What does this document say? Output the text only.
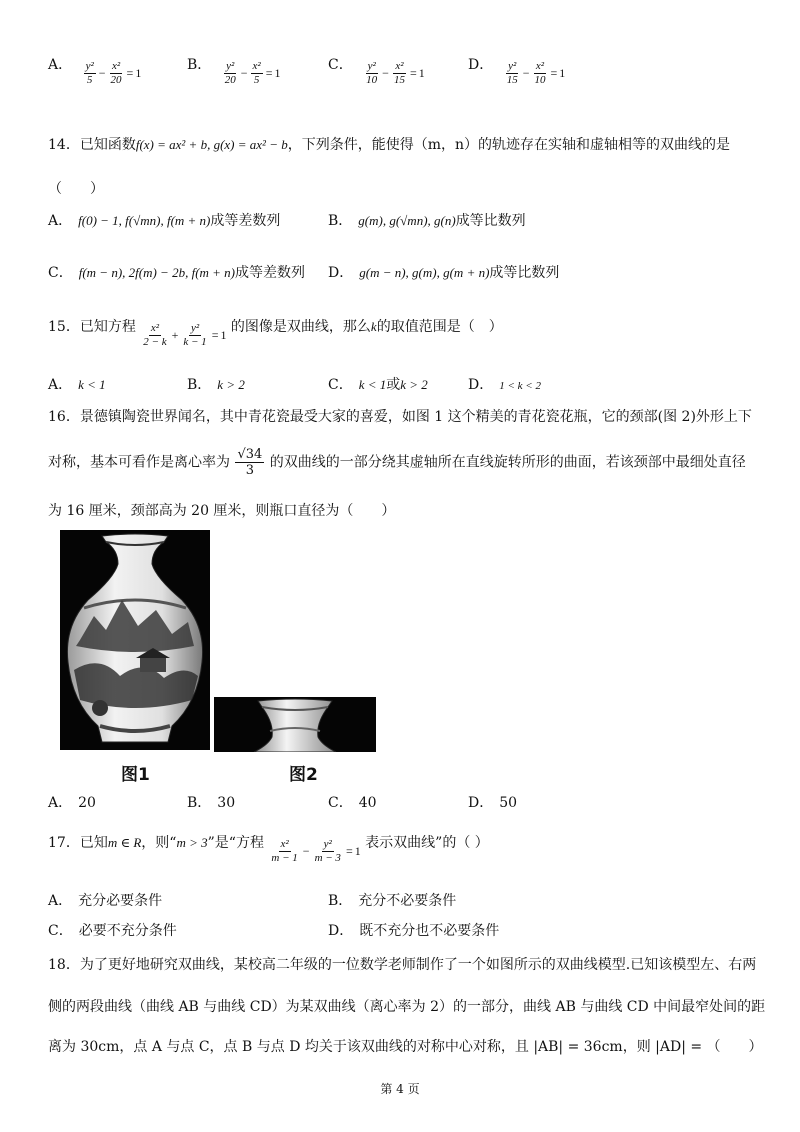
A． $\frac{\text{y²}}{5} - \frac{\text{x²}}{20} = 1$	B． $\frac{\text{y²}}{20} - \frac{\text{x²}}{5} = 1$	C． $\frac{\text{y²}}{10} - \frac{\text{x²}}{15} = 1$	D． $\frac{\text{y²}}{15} - \frac{\text{x²}}{10} = 1$
14．已知函数f(x) = ax² + b, g(x) = ax² − b，下列条件，能使得（m，n）的轨迹存在实轴和虚轴相等的双曲线的是
（　　）
A． f(0) − 1, f(√mn), f(m + n)成等差数列	B． g(m), g(√mn), g(n)成等比数列
C． f(m − n), 2f(m) − 2b, f(m + n)成等差数列 D． g(m − n), g(m), g(m + n)成等比数列
15．已知方程 $\frac{\text{x²}}{2 - k} + \frac{\text{y²}}{k - 1} = 1$ 的图像是双曲线，那么k的取值范围是（　）
A． k < 1	B． k > 2	C． k < 1或k > 2	D． 1 < k < 2
16．景德镇陶瓷世界闻名，其中青花瓷最受大家的喜爱，如图 1 这个精美的青花瓷花瓶，它的颈部(图 2)外形上下
对称，基本可看作是离心率为 $\frac{√34}{3}$ 的双曲线的一部分绕其虚轴所在直线旋转所形的曲面，若该颈部中最细处直径
为 16 厘米，颈部高为 20 厘米，则瓶口直径为（　　）
图1	图2
A． 20	B． 30	C． 40	D． 50
17．已知m ∈ R，则“m > 3”是“方程 $\frac{\text{x²}}{m - 1} - \frac{\text{y²}}{m - 3} = 1$ 表示双曲线”的（ ）
A． 充分必要条件	B． 充分不必要条件
C． 必要不充分条件	D． 既不充分也不必要条件
18．为了更好地研究双曲线，某校高二年级的一位数学老师制作了一个如图所示的双曲线模型.已知该模型左、右两
侧的两段曲线（曲线 AB 与曲线 CD）为某双曲线（离心率为 2）的一部分，曲线 AB 与曲线 CD 中间最窄处间的距
离为 30cm，点 A 与点 C，点 B 与点 D 均关于该双曲线的对称中心对称，且 |AB| = 36cm，则 |AD| = （　　）
第 4 页
